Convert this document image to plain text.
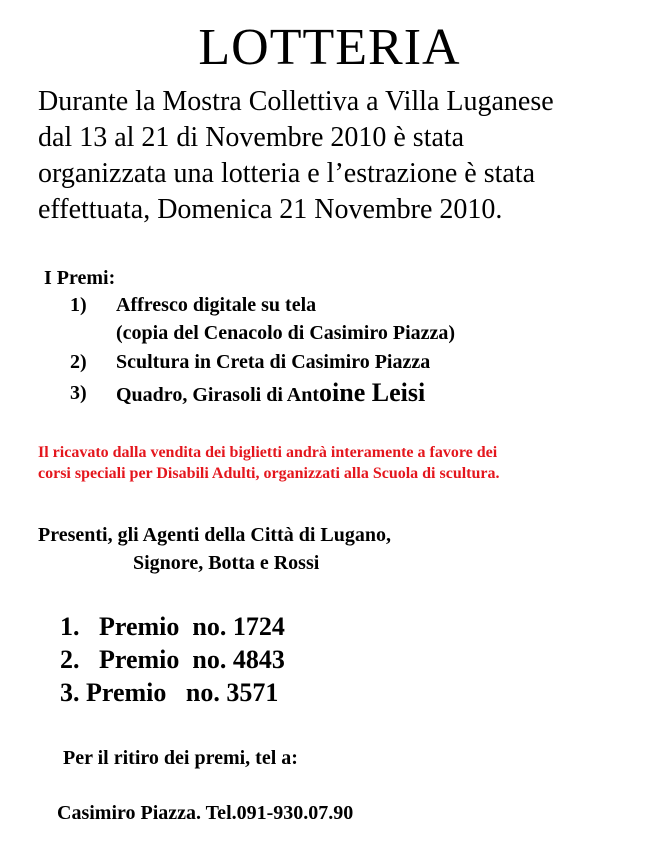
LOTTERIA
Durante la Mostra Collettiva a Villa Luganese
dal 13 al 21 di Novembre 2010 è stata
organizzata una lotteria e l’estrazione è stata
effettuata, Domenica 21 Novembre 2010.
I Premi:
1) Affresco digitale su tela
(copia del Cenacolo di Casimiro Piazza)
2) Scultura in Creta di Casimiro Piazza
3) Quadro, Girasoli di Antoine Leisi
Il ricavato dalla vendita dei biglietti andrà interamente a favore dei
corsi speciali per Disabili Adulti, organizzati alla Scuola di scultura.
Presenti, gli Agenti della Città di Lugano,
Signore, Botta e Rossi
1.   Premio  no. 1724
2.   Premio  no. 4843
3. Premio   no. 3571
Per il ritiro dei premi, tel a:
Casimiro Piazza. Tel.091-930.07.90
